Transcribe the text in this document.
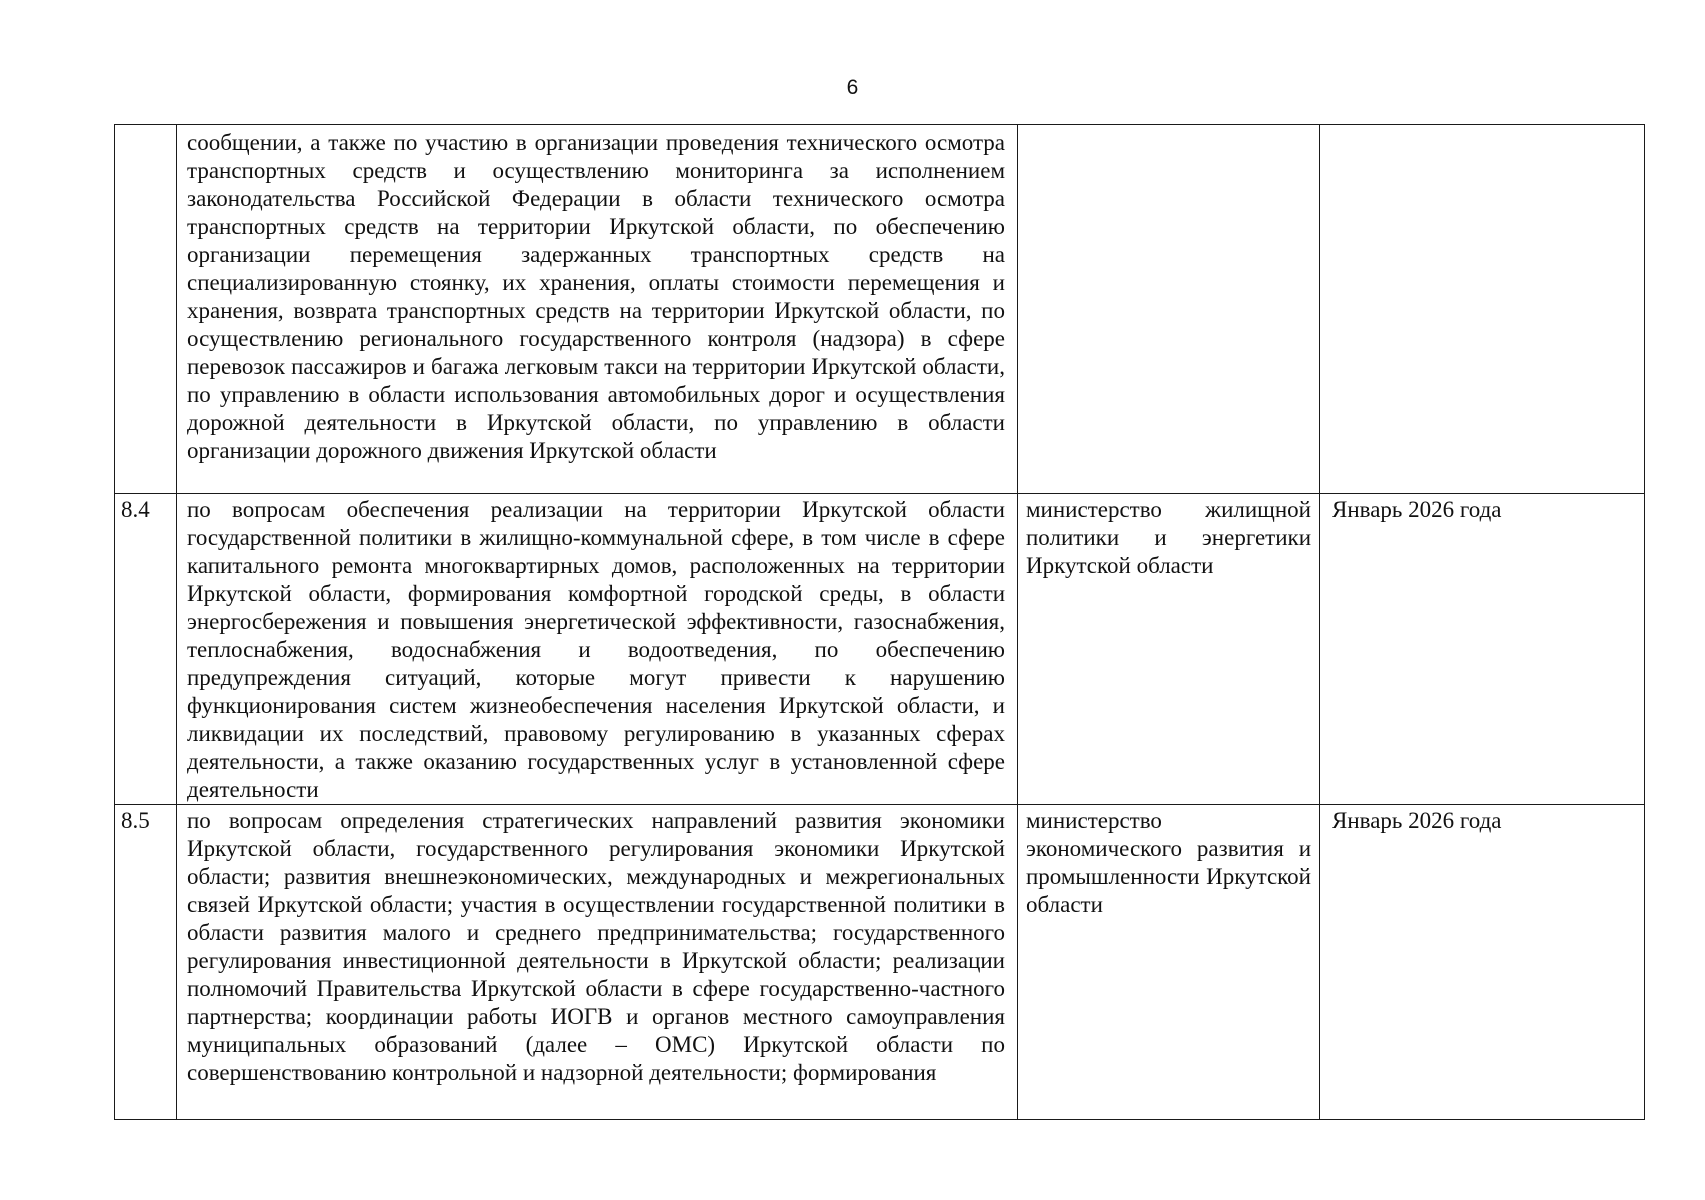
6
	сообщении, а также по участию в организации проведения технического осмотра транспортных средств и осуществлению мониторинга за исполнением законодательства Российской Федерации в области технического осмотра транспортных средств на территории Иркутской области, по обеспечению организации перемещения задержанных транспортных средств на специализированную стоянку, их хранения, оплаты стоимости перемещения и хранения, возврата транспортных средств на территории Иркутской области, по осуществлению регионального государственного контроля (надзора) в сфере перевозок пассажиров и багажа легковым такси на территории Иркутской области, по управлению в области использования автомобильных дорог и осуществления дорожной деятельности в Иркутской области, по управлению в области организации дорожного движения Иркутской области		
8.4	по вопросам обеспечения реализации на территории Иркутской области государственной политики в жилищно-коммунальной сфере, в том числе в сфере капитального ремонта многоквартирных домов, расположенных на территории Иркутской области, формирования комфортной городской среды, в области энергосбережения и повышения энергетической эффективности, газоснабжения, теплоснабжения, водоснабжения и водоотведения, по обеспечению предупреждения ситуаций, которые могут привести к нарушению функционирования систем жизнеобеспечения населения Иркутской области, и ликвидации их последствий, правовому регулированию в указанных сферах деятельности, а также оказанию государственных услуг в установленной сфере деятельности	министерство жилищной политики и энергетики Иркутской области	Январь 2026 года
8.5	по вопросам определения стратегических направлений развития экономики Иркутской области, государственного регулирования экономики Иркутской области; развития внешнеэкономических, международных и межрегиональных связей Иркутской области; участия в осуществлении государственной политики в области развития малого и среднего предпринимательства; государственного регулирования инвестиционной деятельности в Иркутской области; реализации полномочий Правительства Иркутской области в сфере государственно-частного партнерства; координации работы ИОГВ и органов местного самоуправления муниципальных образований (далее – ОМС) Иркутской области по совершенствованию контрольной и надзорной деятельности; формирования	министерство экономического развития и промышленности Иркутской области	Январь 2026 года
